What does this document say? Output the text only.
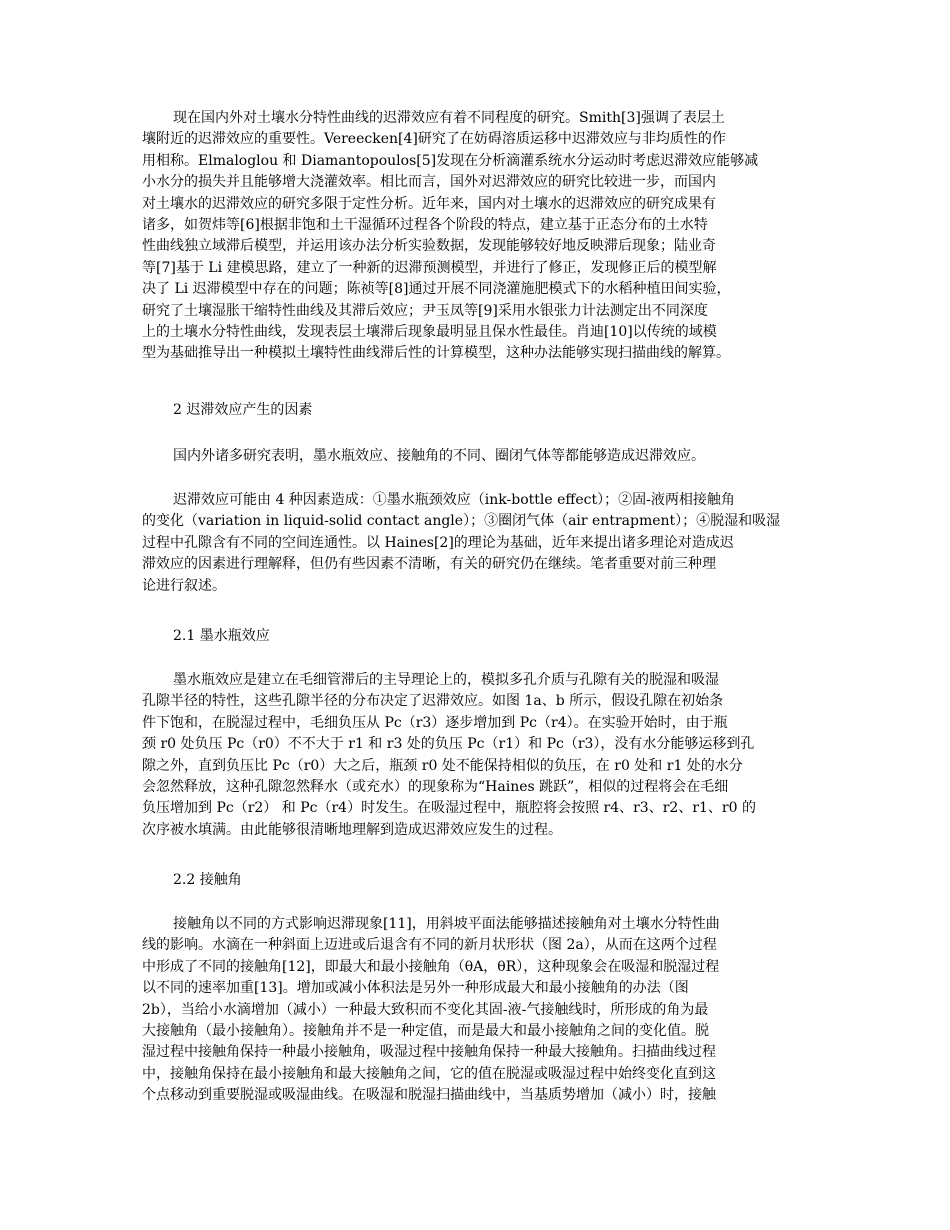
现在国内外对土壤水分特性曲线的迟滞效应有着不同程度的研究。Smith[3]强调了表层土
壤附近的迟滞效应的重要性。Vereecken[4]研究了在妨碍溶质运移中迟滞效应与非均质性的作
用相称。Elmaloglou 和 Diamantopoulos[5]发现在分析滴灌系统水分运动时考虑迟滞效应能够减
小水分的损失并且能够增大浇灌效率。相比而言，国外对迟滞效应的研究比较进一步，而国内
对土壤水的迟滞效应的研究多限于定性分析。近年来，国内对土壤水的迟滞效应的研究成果有
诸多，如贺炜等[6]根据非饱和土干湿循环过程各个阶段的特点，建立基于正态分布的土水特
性曲线独立域滞后模型，并运用该办法分析实验数据，发现能够较好地反映滞后现象；陆业奇
等[7]基于 Li 建模思路，建立了一种新的迟滞预测模型，并进行了修正，发现修正后的模型解
决了 Li 迟滞模型中存在的问题；陈祯等[8]通过开展不同浇灌施肥模式下的水稻种植田间实验，
研究了土壤湿胀干缩特性曲线及其滞后效应；尹玉凤等[9]采用水银张力计法测定出不同深度
上的土壤水分特性曲线，发现表层土壤滞后现象最明显且保水性最佳。肖迪[10]以传统的域模
型为基础推导出一种模拟土壤特性曲线滞后性的计算模型，这种办法能够实现扫描曲线的解算。
2 迟滞效应产生的因素
国内外诸多研究表明，墨水瓶效应、接触角的不同、圈闭气体等都能够造成迟滞效应。
迟滞效应可能由 4 种因素造成：①墨水瓶颈效应（ink-bottle effect）；②固-液两相接触角
的变化（variation in liquid-solid contact angle）；③圈闭气体（air entrapment）；④脱湿和吸湿
过程中孔隙含有不同的空间连通性。以 Haines[2]的理论为基础，近年来提出诸多理论对造成迟
滞效应的因素进行理解释，但仍有些因素不清晰，有关的研究仍在继续。笔者重要对前三种理
论进行叙述。
2.1 墨水瓶效应
墨水瓶效应是建立在毛细管滞后的主导理论上的，模拟多孔介质与孔隙有关的脱湿和吸湿
孔隙半径的特性，这些孔隙半径的分布决定了迟滞效应。如图 1a、b 所示，假设孔隙在初始条
件下饱和，在脱湿过程中，毛细负压从 Pc（r3）逐步增加到 Pc（r4）。在实验开始时，由于瓶
颈 r0 处负压 Pc（r0）不不大于 r1 和 r3 处的负压 Pc（r1）和 Pc（r3），没有水分能够运移到孔
隙之外，直到负压比 Pc（r0）大之后，瓶颈 r0 处不能保持相似的负压，在 r0 处和 r1 处的水分
会忽然释放，这种孔隙忽然释水（或充水）的现象称为“Haines 跳跃”，相似的过程将会在毛细
负压增加到 Pc（r2） 和 Pc（r4）时发生。在吸湿过程中，瓶腔将会按照 r4、r3、r2、r1、r0 的
次序被水填满。由此能够很清晰地理解到造成迟滞效应发生的过程。
2.2 接触角
接触角以不同的方式影响迟滞现象[11]，用斜坡平面法能够描述接触角对土壤水分特性曲
线的影响。水滴在一种斜面上迈进或后退含有不同的新月状形状（图 2a），从而在这两个过程
中形成了不同的接触角[12]，即最大和最小接触角（θA，θR），这种现象会在吸湿和脱湿过程
以不同的速率加重[13]。增加或减小体积法是另外一种形成最大和最小接触角的办法（图
2b），当给小水滴增加（减小）一种最大致积而不变化其固-液-气接触线时，所形成的角为最
大接触角（最小接触角）。接触角并不是一种定值，而是最大和最小接触角之间的变化值。脱
湿过程中接触角保持一种最小接触角，吸湿过程中接触角保持一种最大接触角。扫描曲线过程
中，接触角保持在最小接触角和最大接触角之间，它的值在脱湿或吸湿过程中始终变化直到这
个点移动到重要脱湿或吸湿曲线。在吸湿和脱湿扫描曲线中，当基质势增加（减小）时，接触
